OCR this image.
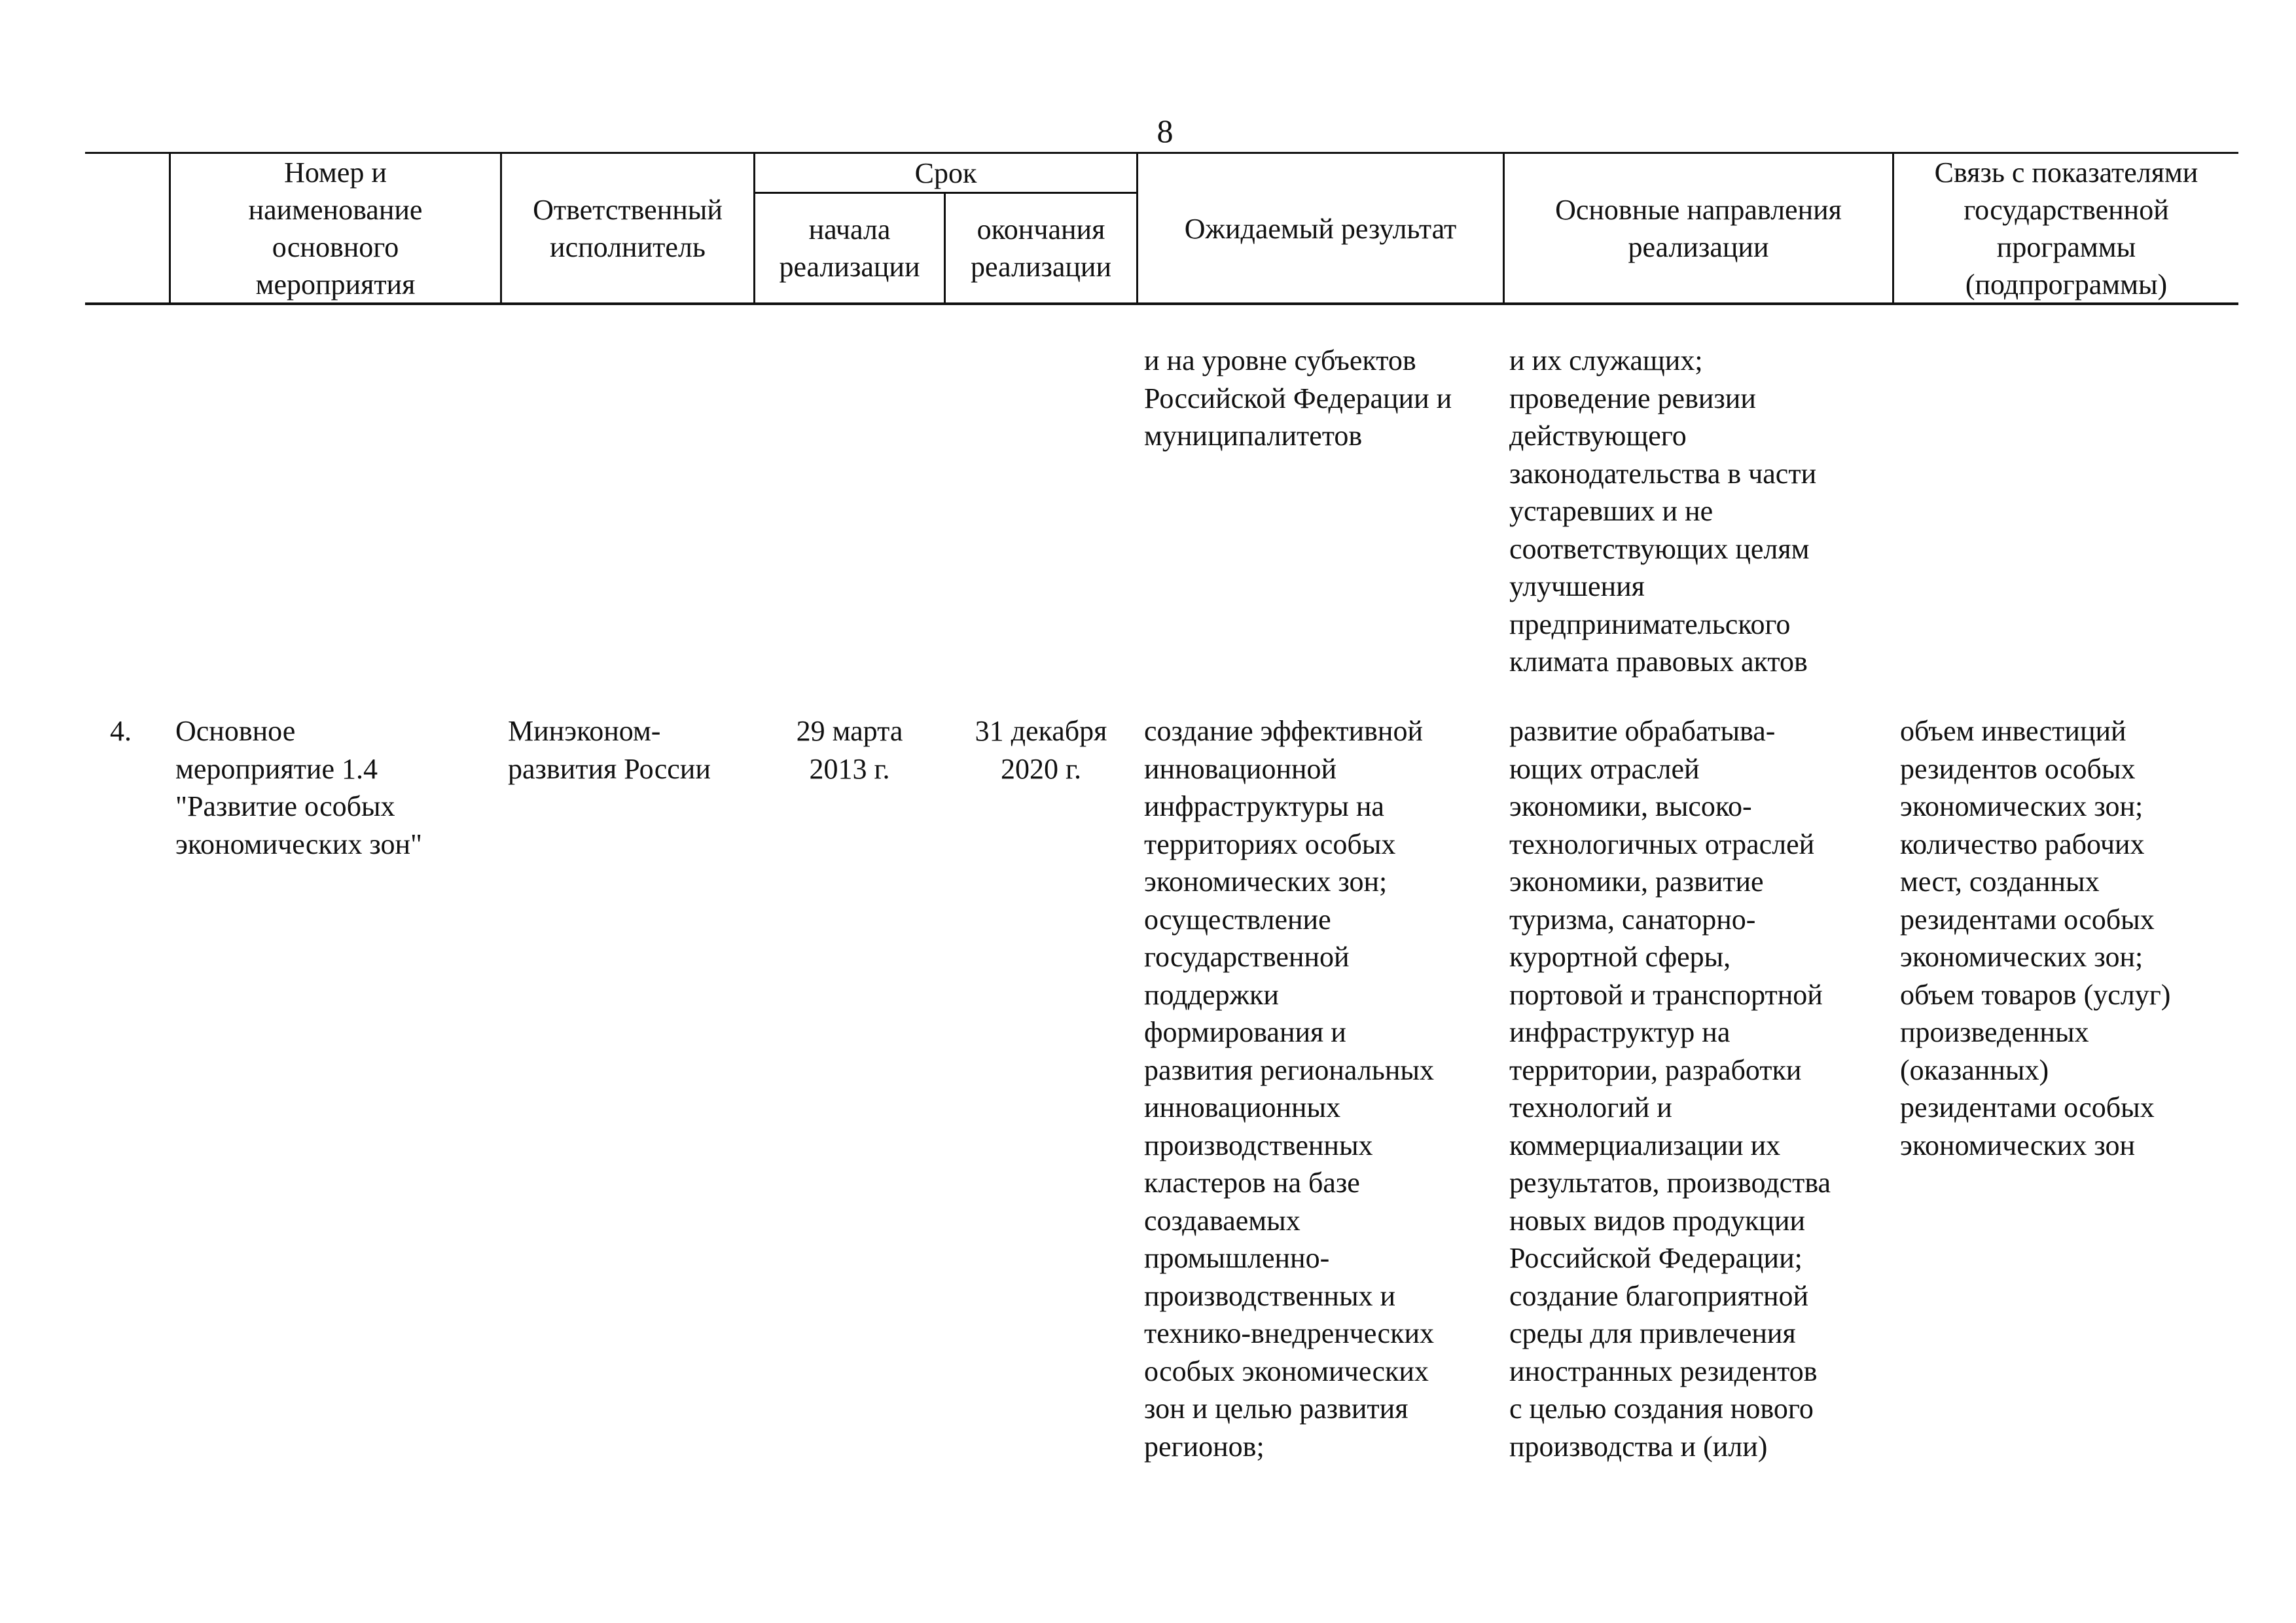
8
Номер и
наименование
основного
мероприятия
Ответственный
исполнитель
Срок
начала
реализации
окончания
реализации
Ожидаемый результат
Основные направления
реализации
Связь с показателями
государственной
программы
(подпрограммы)
и на уровне субъектов
Российской Федерации и
муниципалитетов
и их служащих;
проведение ревизии
действующего
законодательства в части
устаревших и не
соответствующих целям
улучшения
предпринимательского
климата правовых актов
4.	Основное
мероприятие 1.4
"Развитие особых
экономических зон"
Минэконом-
развития России
29 марта
2013 г.
31 декабря
2020 г.
создание эффективной
инновационной
инфраструктуры на
территориях особых
экономических зон;
осуществление
государственной
поддержки
формирования и
развития региональных
инновационных
производственных
кластеров на базе
создаваемых
промышленно-
производственных и
технико-внедренческих
особых экономических
зон и целью развития
регионов;
развитие обрабатыва-
ющих отраслей
экономики, высоко-
технологичных отраслей
экономики, развитие
туризма, санаторно-
курортной сферы,
портовой и транспортной
инфраструктур на
территории, разработки
технологий и
коммерциализации их
результатов, производства
новых видов продукции
Российской Федерации;
создание благоприятной
среды для привлечения
иностранных резидентов
с целью создания нового
производства и (или)
объем инвестиций
резидентов особых
экономических зон;
количество рабочих
мест, созданных
резидентами особых
экономических зон;
объем товаров (услуг)
произведенных
(оказанных)
резидентами особых
экономических зон
